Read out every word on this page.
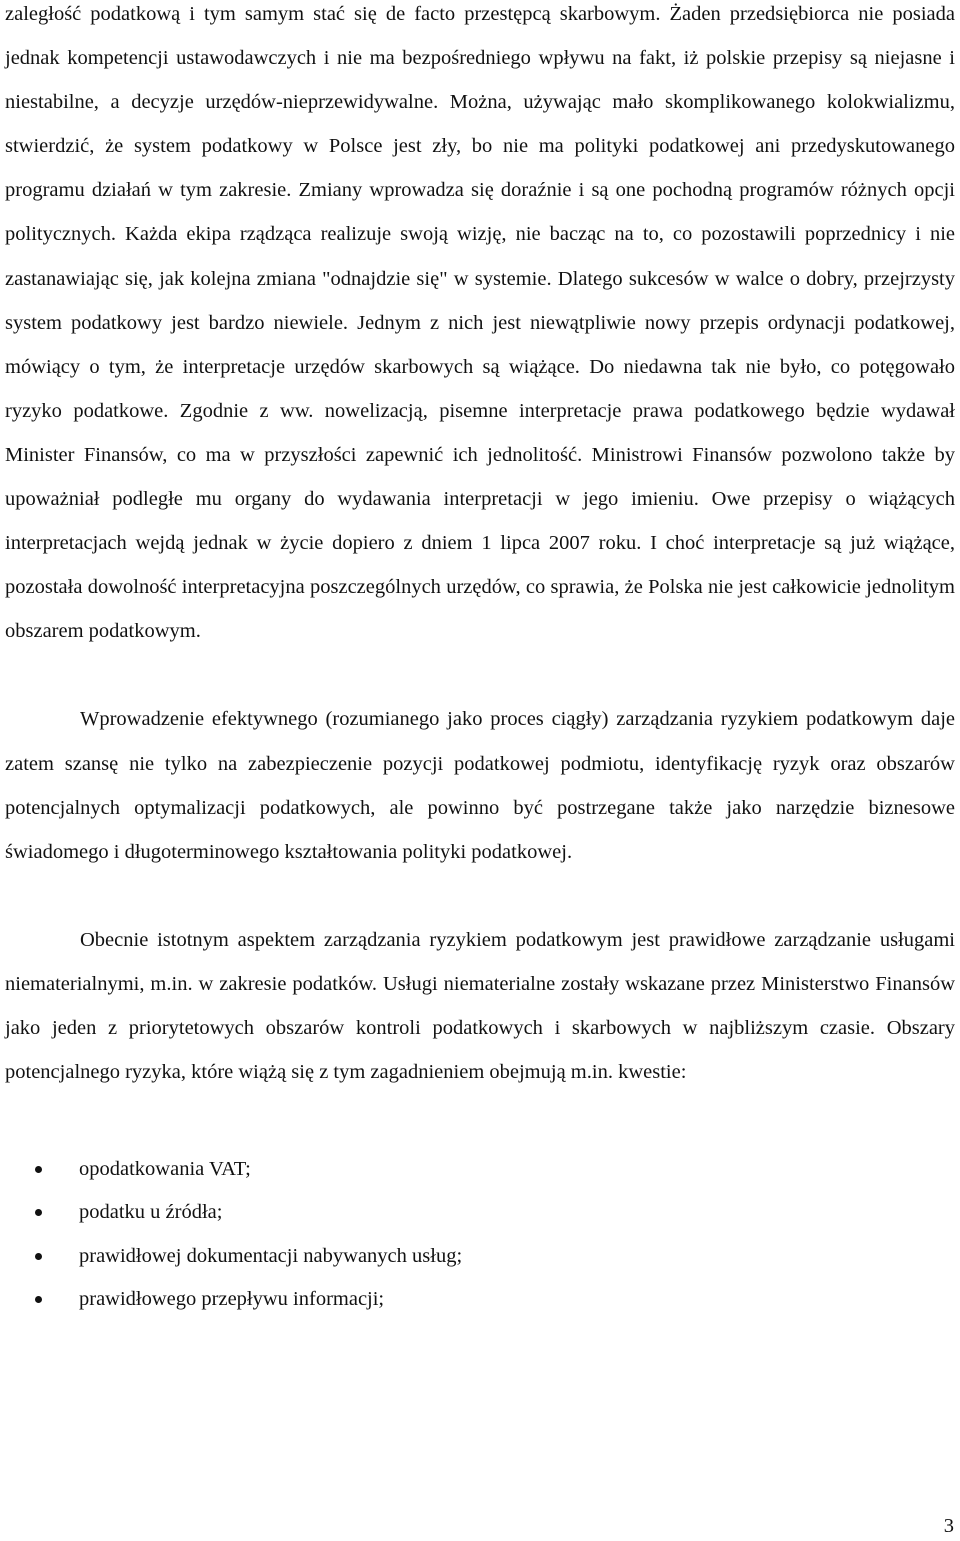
zaległość podatkową i tym samym stać się de facto przestępcą skarbowym. Żaden przedsiębiorca nie posiada jednak kompetencji ustawodawczych i nie ma bezpośredniego wpływu na fakt, iż polskie przepisy są niejasne i niestabilne, a decyzje urzędów-nieprzewidywalne. Można, używając mało skomplikowanego kolokwializmu, stwierdzić, że system podatkowy w Polsce jest zły, bo nie ma polityki podatkowej ani przedyskutowanego programu działań w tym zakresie. Zmiany wprowadza się doraźnie i są one pochodną programów różnych opcji politycznych. Każda ekipa rządząca realizuje swoją wizję, nie bacząc na to, co pozostawili poprzednicy i nie zastanawiając się, jak kolejna zmiana "odnajdzie się" w systemie. Dlatego sukcesów w walce o dobry, przejrzysty system podatkowy jest bardzo niewiele. Jednym z nich jest niewątpliwie nowy przepis ordynacji podatkowej, mówiący o tym, że interpretacje urzędów skarbowych są wiążące. Do niedawna tak nie było, co potęgowało ryzyko podatkowe. Zgodnie z ww. nowelizacją, pisemne interpretacje prawa podatkowego będzie wydawał Minister Finansów, co ma w przyszłości zapewnić ich jednolitość. Ministrowi Finansów pozwolono także by upoważniał podległe mu organy do wydawania interpretacji w jego imieniu. Owe przepisy o wiążących interpretacjach wejdą jednak w życie dopiero z dniem 1 lipca 2007 roku. I choć interpretacje są już wiążące, pozostała dowolność interpretacyjna poszczególnych urzędów, co sprawia, że Polska nie jest całkowicie jednolitym obszarem podatkowym.

Wprowadzenie efektywnego (rozumianego jako proces ciągły) zarządzania ryzykiem podatkowym daje zatem szansę nie tylko na zabezpieczenie pozycji podatkowej podmiotu, identyfikację ryzyk oraz obszarów potencjalnych optymalizacji podatkowych, ale powinno być postrzegane także jako narzędzie biznesowe świadomego i długoterminowego kształtowania polityki podatkowej.

Obecnie istotnym aspektem zarządzania ryzykiem podatkowym jest prawidłowe zarządzanie usługami niematerialnymi, m.in. w zakresie podatków. Usługi niematerialne zostały wskazane przez Ministerstwo Finansów jako jeden z priorytetowych obszarów kontroli podatkowych i skarbowych w najbliższym czasie. Obszary potencjalnego ryzyka, które wiążą się z tym zagadnieniem obejmują m.in. kwestie:

opodatkowania VAT;
podatku u źródła;
prawidłowej dokumentacji nabywanych usług;
prawidłowego przepływu informacji;
3
